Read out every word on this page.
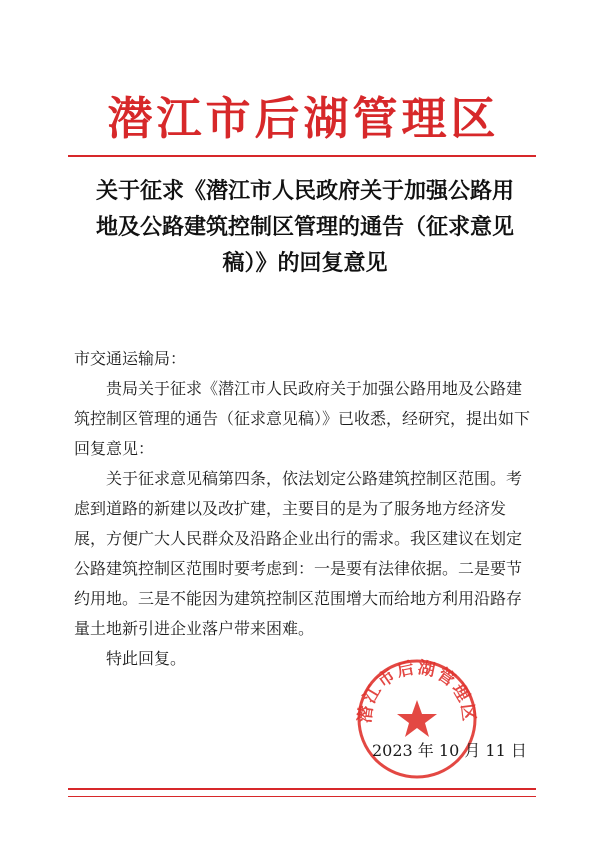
潜江市后湖管理区
关于征求《潜江市人民政府关于加强公路用
地及公路建筑控制区管理的通告（征求意见
稿）》的回复意见

市交通运输局：

贵局关于征求《潜江市人民政府关于加强公路用地及公路建筑控制区管理的通告（征求意见稿）》已收悉，经研究，提出如下回复意见：

关于征求意见稿第四条，依法划定公路建筑控制区范围。考虑到道路的新建以及改扩建，主要目的是为了服务地方经济发展，方便广大人民群众及沿路企业出行的需求。我区建议在划定公路建筑控制区范围时要考虑到：一是要有法律依据。二是要节约用地。三是不能因为建筑控制区范围增大而给地方利用沿路存量土地新引进企业落户带来困难。

特此回复。

潜江市后湖管理区
2023 年 10 月 11 日
